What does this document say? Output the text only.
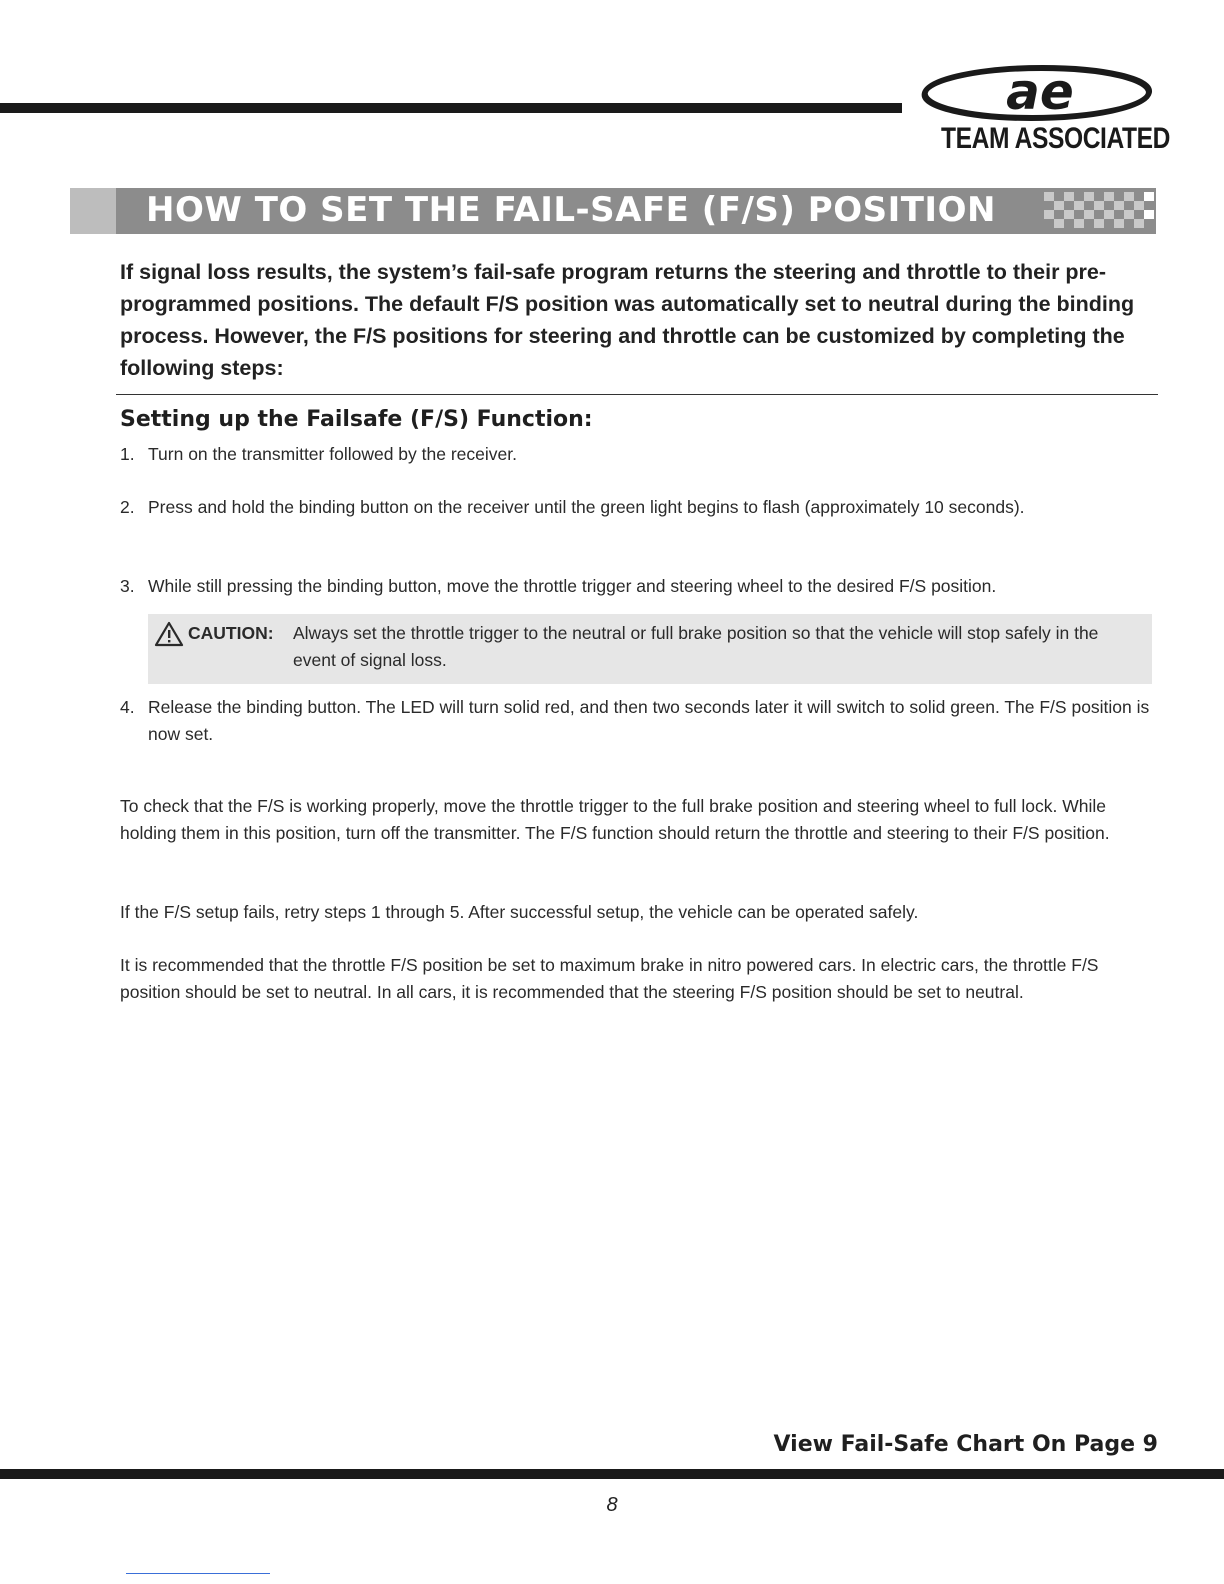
ae
TEAM ASSOCIATED
HOW TO SET THE FAIL-SAFE (F/S) POSITION
If signal loss results, the system’s fail-safe program returns the steering and throttle to their pre-programmed positions. The default F/S position was automatically set to neutral during the binding process. However, the F/S positions for steering and throttle can be customized by completing the following steps:
Setting up the Failsafe (F/S) Function:
1. Turn on the transmitter followed by the receiver.
2. Press and hold the binding button on the receiver until the green light begins to flash (approximately 10 seconds).
3. While still pressing the binding button, move the throttle trigger and steering wheel to the desired F/S position.
CAUTION: Always set the throttle trigger to the neutral or full brake position so that the vehicle will stop safely in the event of signal loss.
4. Release the binding button. The LED will turn solid red, and then two seconds later it will switch to solid green. The F/S position is now set.
To check that the F/S is working properly, move the throttle trigger to the full brake position and steering wheel to full lock. While holding them in this position, turn off the transmitter. The F/S function should return the throttle and steering to their F/S position.
If the F/S setup fails, retry steps 1 through 5. After successful setup, the vehicle can be operated safely.
It is recommended that the throttle F/S position be set to maximum brake in nitro powered cars. In electric cars, the throttle F/S position should be set to neutral. In all cars, it is recommended that the steering F/S position should be set to neutral.
View Fail-Safe Chart On Page 9
8
